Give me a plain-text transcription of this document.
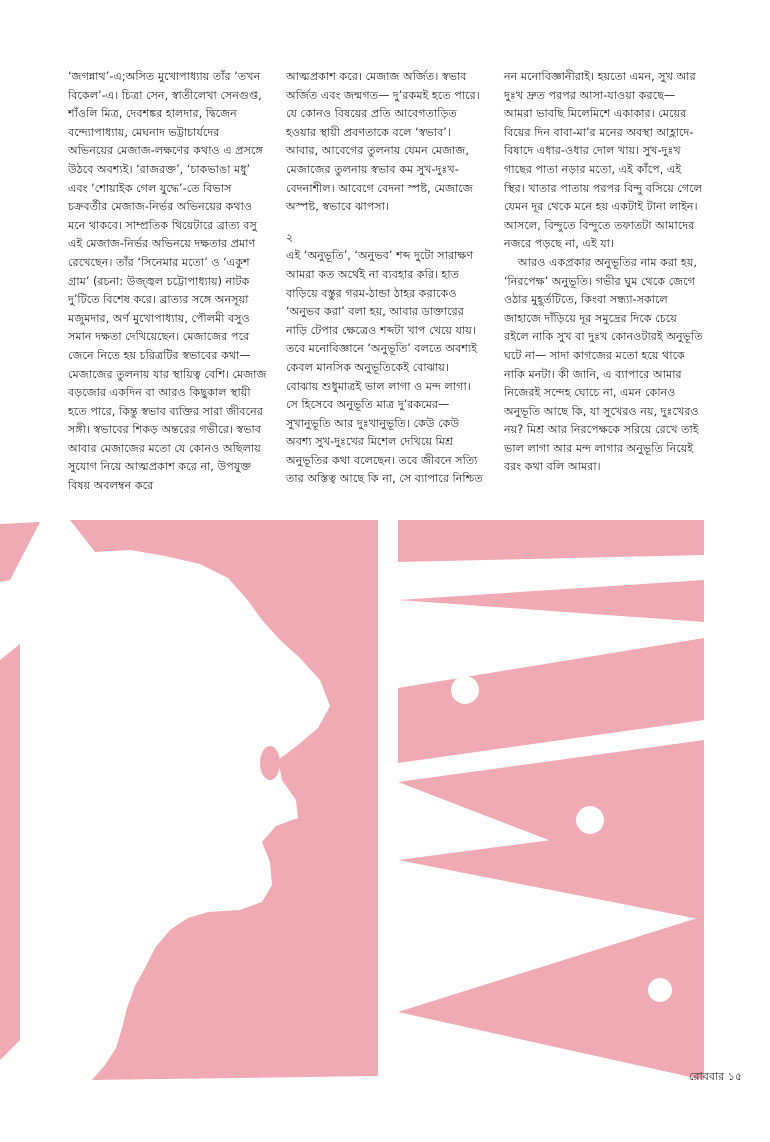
‘জগন্নাথ’-এ;অসিত মুখোপাধ্যায় তাঁর ‘তখন বিকেল’-এ। চিত্রা সেন, স্বাতীলেখা সেনগুপ্ত, শাঁওলি মিত্র, দেবশঙ্কর হালদার, দ্বিজেন বন্দ্যোপাধ্যায়, মেঘনাদ ভট্টাচার্যদের অভিনয়ের মেজাজ-লক্ষণের কথাও এ প্রসঙ্গে উঠবে অবশ্যই। ‘রাজরক্ত’, ‘চাকভাঙা মধু’ এবং ‘শোয়াইক গেল যুদ্ধে’-তে বিভাস চক্রবর্তীর মেজাজ-নির্ভর অভিনয়ের কথাও মনে থাকবে। সাম্প্রতিক থিয়েটারে ব্রাত্য বসু এই মেজাজ-নির্ভর অভিনয়ে দক্ষতার প্রমাণ রেখেছেন। তাঁর ‘সিনেমার মতো’ ও ‘একুশ গ্রাম’ (রচনা: উজ্জ্বল চট্টোপাধ্যায়) নাটক দু’টিতে বিশেষ করে। ব্রাত্যর সঙ্গে অনসূয়া মজুমদার, অর্ণ মুখোপাধ্যায়, পৌলমী বসুও সমান দক্ষতা দেখিয়েছেন। মেজাজের পরে জেনে নিতে হয় চরিত্রটির স্বভাবের কথা— মেজাজের তুলনায় যার স্থায়িত্ব বেশি। মেজাজ বড়জোর একদিন বা আরও কিছুকাল স্থায়ী হতে পারে, কিন্তু স্বভাব ব্যক্তির সারা জীবনের সঙ্গী। স্বভাবের শিকড় অন্তরের গভীরে। স্বভাব আবার মেজাজের মতো যে কোনও অছিলায় সুযোগ নিয়ে আত্মপ্রকাশ করে না, উপযুক্ত বিষয় অবলম্বন করে

আত্মপ্রকাশ করে। মেজাজ অর্জিত। স্বভাব অর্জিত এবং জন্মগত— দু’রকমই হতে পারে। যে কোনও বিষয়ের প্রতি আবেগতাড়িত হওয়ার স্থায়ী প্রবণতাকে বলে ‘স্বভাব’। আবার, আবেগের তুলনায় যেমন মেজাজ, মেজাজের তুলনায় স্বভাব কম সুখ-দুঃখ-বেদনাশীল। আবেগে বেদনা স্পষ্ট, মেজাজে অস্পষ্ট, স্বভাবে ঝাপসা।

২

এই ‘অনুভূতি’, ‘অনুভব’ শব্দ দুটো সারাক্ষণ আমরা কত অর্থেই না ব্যবহার করি। হাত বাড়িয়ে বস্তুর গরম-ঠান্ডা ঠাহর করাকেও ‘অনুভব করা’ বলা হয়, আবার ডাক্তারের নাড়ি টেপার ক্ষেত্রেও শব্দটা খাপ খেয়ে যায়। তবে মনোবিজ্ঞানে ‘অনুভূতি’ বলতে অবশ্যই কেবল মানসিক অনুভূতিকেই বোঝায়। বোঝায় শুধুমাত্রই ভাল লাগা ও মন্দ লাগা। সে হিসেবে অনুভূতি মাত্র দু’রকমের— সুখানুভূতি আর দুঃখানুভূতি। কেউ কেউ অবশ্য সুখ-দুঃখের মিশেল দেখিয়ে মিশ্র অনুভূতির কথা বলেছেন। তবে জীবনে সত্যি তার অস্তিত্ব আছে কি না, সে ব্যাপারে নিশ্চিত

নন মনোবিজ্ঞানীরাই। হয়তো এমন, সুখ আর দুঃখ দ্রুত পরপর আসা-যাওয়া করছে— আমরা ভাবছি মিলেমিশে একাকার। মেয়ের বিয়ের দিন বাবা-মা’র মনের অবস্থা আহ্লাদে-বিষাদে এধার-ওধার দোল খায়। সুখ-দুঃখ গাছের পাতা নড়ার মতো, এই কাঁপে, এই স্থির। খাতার পাতায় পরপর বিন্দু বসিয়ে গেলে যেমন দূর থেকে মনে হয় একটাই টানা লাইন। আসলে, বিন্দুতে বিন্দুতে তফাতটা আমাদের নজরে পড়ছে না, এই যা।

আরও একপ্রকার অনুভূতির নাম করা হয়, ‘নিরপেক্ষ’ অনুভূতি। গভীর ঘুম থেকে জেগে ওঠার মুহূর্তটিতে, কিংবা সন্ধ্যা-সকালে জাহাজে দাঁড়িয়ে দূর সমুদ্রের দিকে চেয়ে রইলে নাকি সুখ বা দুঃখ কোনওটারই অনুভূতি ঘটে না— সাদা কাগজের মতো হয়ে থাকে নাকি মনটা। কী জানি, এ ব্যাপারে আমার নিজেরই সন্দেহ ঘোচে না, এমন কোনও অনুভূতি আছে কি, যা সুখেরও নয়, দুঃখেরও নয়? মিশ্র আর নিরপেক্ষকে সরিয়ে রেখে তাই ভাল লাগা আর মন্দ লাগার অনুভূতি নিয়েই বরং কথা বলি আমরা।

রোববার ১৫
